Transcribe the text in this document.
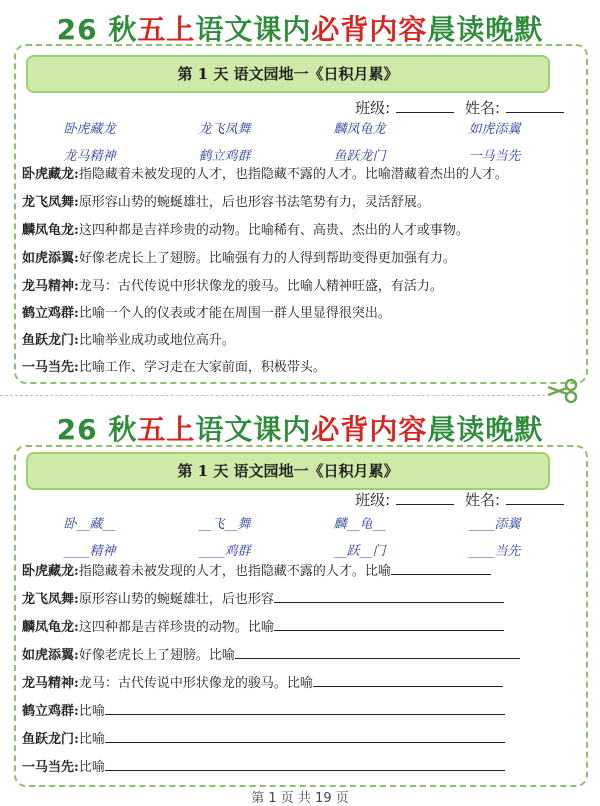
26 秋五上语文课内必背内容晨读晚默
第 1 天 语文园地一《日积月累》
班级:	姓名:
卧虎藏龙	龙飞凤舞	麟凤龟龙	如虎添翼
龙马精神	鹤立鸡群	鱼跃龙门	一马当先
卧虎藏龙:指隐藏着未被发现的人才，也指隐藏不露的人才。比喻潜藏着杰出的人才。
龙飞凤舞:原形容山势的蜿蜒雄壮，后也形容书法笔势有力，灵活舒展。
麟凤龟龙:这四种都是吉祥珍贵的动物。比喻稀有、高贵、杰出的人才或事物。
如虎添翼:好像老虎长上了翅膀。比喻强有力的人得到帮助变得更加强有力。
龙马精神:龙马：古代传说中形状像龙的骏马。比喻人精神旺盛，有活力。
鹤立鸡群:比喻一个人的仪表或才能在周围一群人里显得很突出。
鱼跃龙门:比喻举业成功或地位高升。
一马当先:比喻工作、学习走在大家前面，积极带头。
26 秋五上语文课内必背内容晨读晚默
第 1 天 语文园地一《日积月累》
班级:	姓名:
卧__藏__	__飞__舞	麟__龟__	____添翼
____精神	____鸡群	__跃__门	____当先
卧虎藏龙:指隐藏着未被发现的人才，也指隐藏不露的人才。比喻
龙飞凤舞:原形容山势的蜿蜒雄壮，后也形容
麟凤龟龙:这四种都是吉祥珍贵的动物。比喻
如虎添翼:好像老虎长上了翅膀。比喻
龙马精神:龙马：古代传说中形状像龙的骏马。比喻
鹤立鸡群:比喻
鱼跃龙门:比喻
一马当先:比喻
第 1 页 共 19 页
